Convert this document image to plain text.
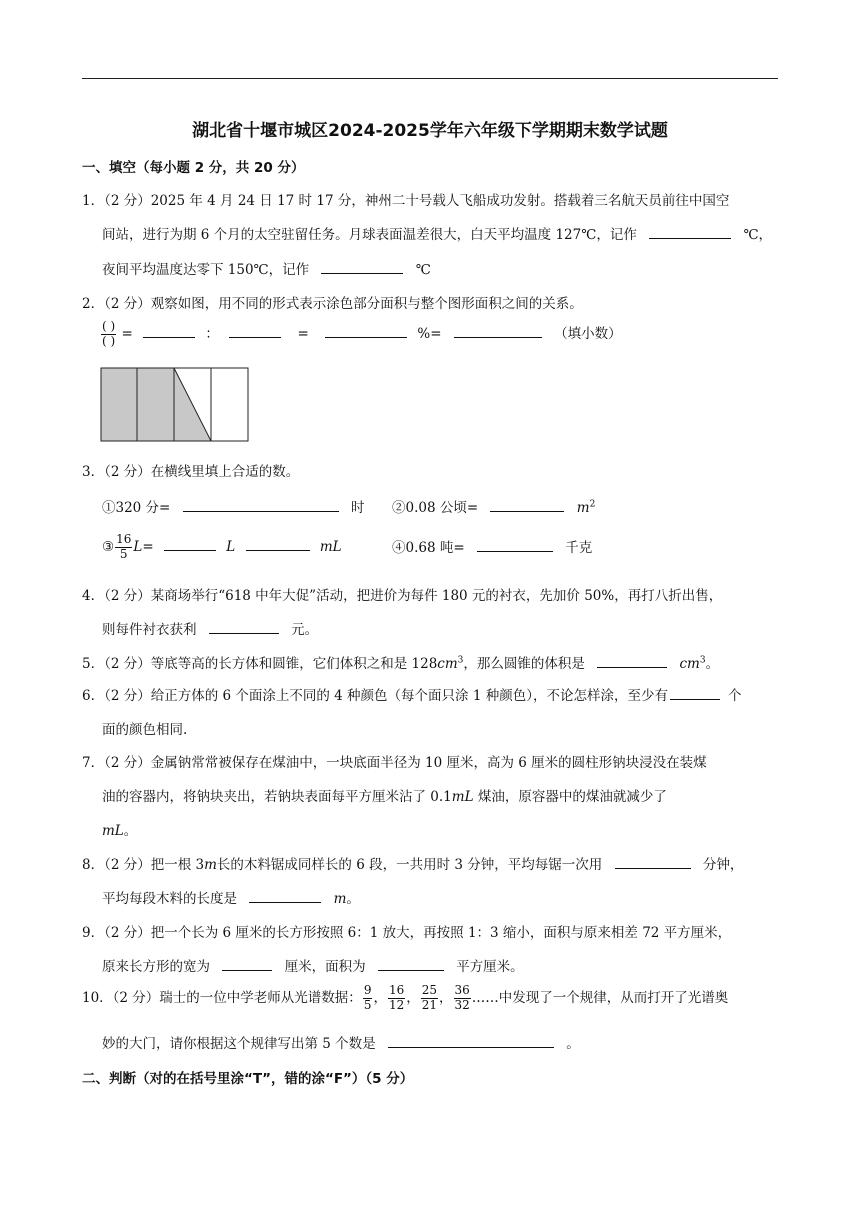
湖北省十堰市城区2024-2025学年六年级下学期期末数学试题
一、填空（每小题 2 分，共 20 分）
1．（2 分）2025 年 4 月 24 日 17 时 17 分，神州二十号载人飞船成功发射。搭载着三名航天员前往中国空
间站，进行为期 6 个月的太空驻留任务。月球表面温差很大，白天平均温度 127℃，记作	℃，
夜间平均温度达零下 150℃，记作	℃
2．（2 分）观察如图，用不同的形式表示涂色部分面积与整个图形面积之间的关系。
$\frac{( )}{( )}$ =	：	=	%=	（填小数）
3．（2 分）在横线里填上合适的数。
①320 分=	时	②0.08 公顷=	$m^2$
③ $\frac{16}{5} L=$	L	mL	④0.68 吨=	千克
4．（2 分）某商场举行“618 中年大促”活动，把进价为每件 180 元的衬衣，先加价 50%，再打八折出售，
则每件衬衣获利	元。
5．（2 分）等底等高的长方体和圆锥，它们体积之和是 $128cm^3$，那么圆锥的体积是	$cm^3$。
6．（2 分）给正方体的 6 个面涂上不同的 4 种颜色（每个面只涂 1 种颜色），不论怎样涂，至少有	个
面的颜色相同.
7．（2 分）金属钠常常被保存在煤油中，一块底面半径为 10 厘米，高为 6 厘米的圆柱形钠块浸没在装煤
油的容器内，将钠块夹出，若钠块表面每平方厘米沾了 0.1mL 煤油，原容器中的煤油就减少了
mL。
8．（2 分）把一根 3m长的木料锯成同样长的 6 段，一共用时 3 分钟，平均每锯一次用	分钟，
平均每段木料的长度是	m。
9．（2 分）把一个长为 6 厘米的长方形按照 6：1 放大，再按照 1：3 缩小，面积与原来相差 72 平方厘米，
原来长方形的宽为	厘米，面积为	平方厘米。
10．（2 分）瑞士的一位中学老师从光谱数据： $\frac{9}{5}$ ， $\frac{16}{12}$ ， $\frac{25}{21}$ ， $\frac{36}{32}$ ……中发现了一个规律，从而打开了光谱奥
妙的大门，请你根据这个规律写出第 5 个数是	。
二、判断（对的在括号里涂“T”，错的涂“F”）（5 分）
